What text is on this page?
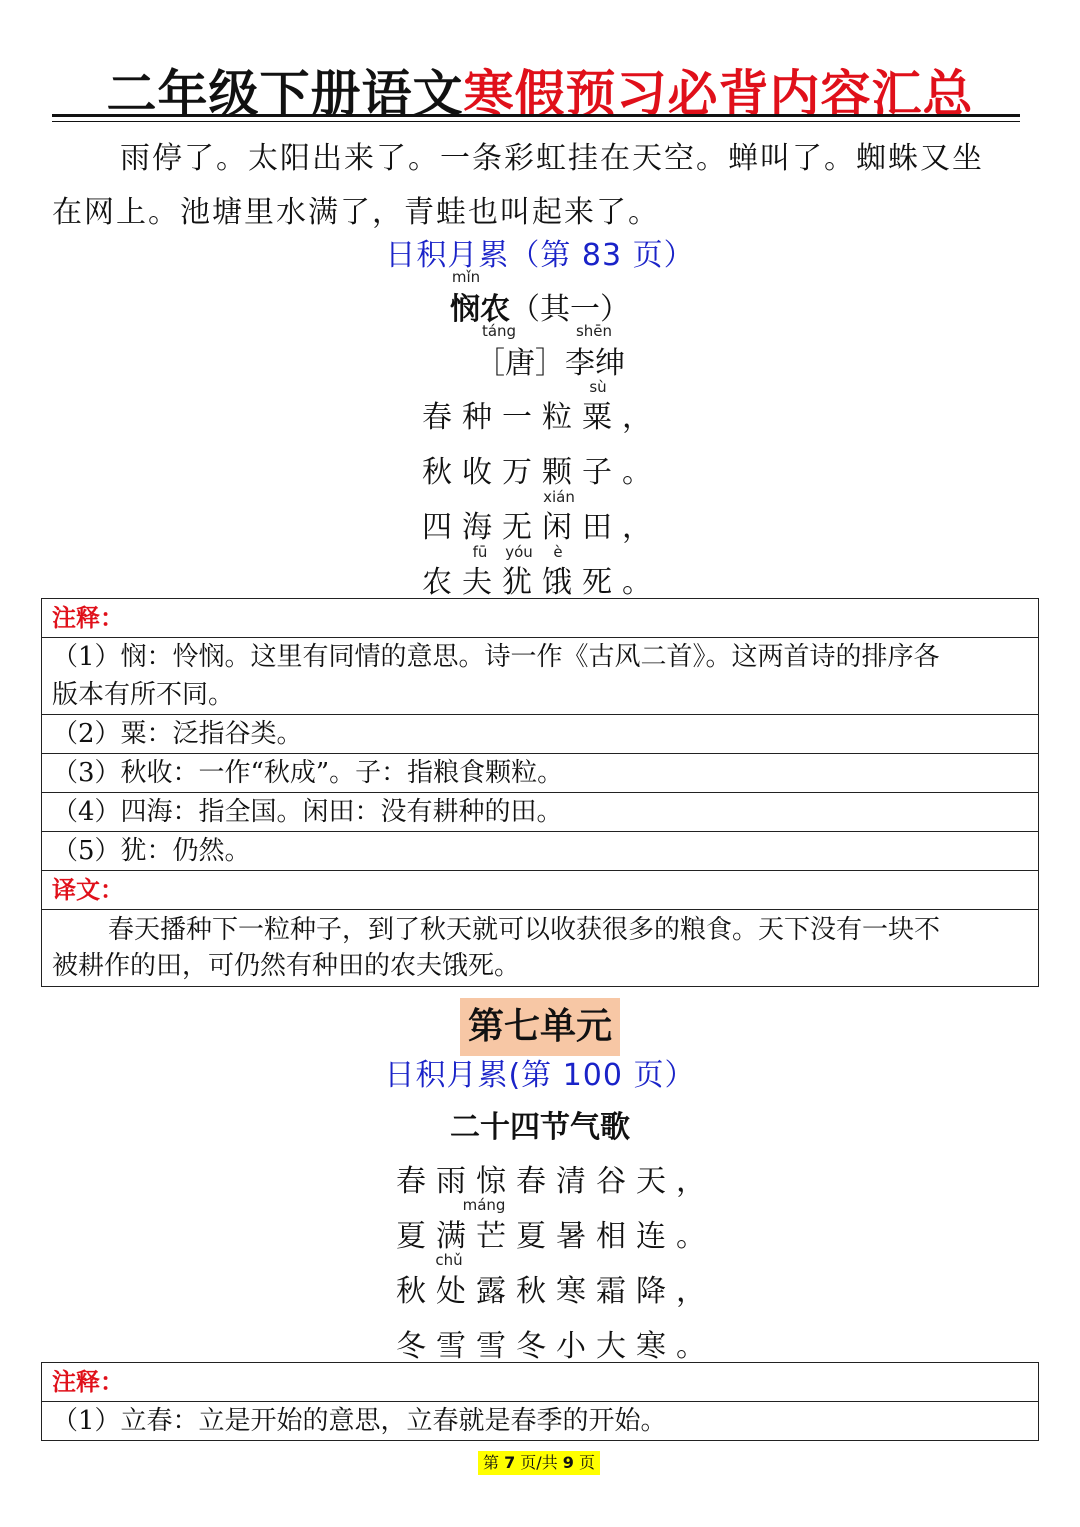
二年级下册语文寒假预习必背内容汇总
雨停了。太阳出来了。一条彩虹挂在天空。蝉叫了。蜘蛛又坐
在网上。池塘里水满了，青蛙也叫起来了。
日积月累（第 83 页）
悯农（其一）
mǐn
［唐］李绅
táng	shēn
春种一粒粟，
sù
秋收万颗子。
四海无闲田，
xián
农夫犹饿死。
fū yóu è
注释：

（1）悯：怜悯。这里有同情的意思。诗一作《古风二首》。这两首诗的排序各
版本有所不同。

（2）粟：泛指谷类。
（3）秋收：一作“秋成”。子：指粮食颗粒。
（4）四海：指全国。闲田：没有耕种的田。
（5）犹：仍然。
译文：

春天播种下一粒种子，到了秋天就可以收获很多的粮食。天下没有一块不
被耕作的田，可仍然有种田的农夫饿死。
第七单元
日积月累(第 100 页）
二十四节气歌
春雨惊春清谷天，
夏满芒夏暑相连。
máng
秋处露秋寒霜降，
chǔ
冬雪雪冬小大寒。
注释：
（1）立春：立是开始的意思，立春就是春季的开始。
第 7 页/共 9 页
